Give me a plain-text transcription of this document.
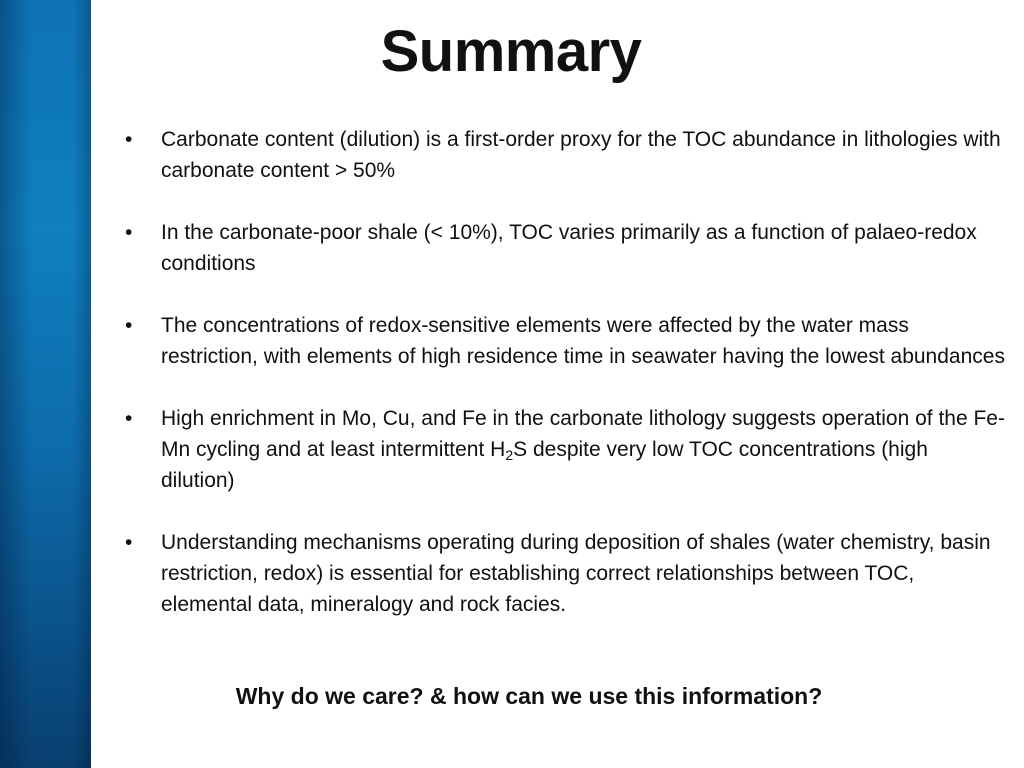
Summary
•	Carbonate content (dilution) is a first-order proxy for the TOC abundance in lithologies with carbonate content > 50%
•	In the carbonate-poor shale (< 10%), TOC varies primarily as a function of palaeo-redox conditions
•	The concentrations of redox-sensitive elements were affected by the water mass restriction, with elements of high residence time in seawater having the lowest abundances
•	High enrichment in Mo, Cu, and Fe in the carbonate lithology suggests operation of the Fe-Mn cycling and at least intermittent $H_2S$ despite very low TOC concentrations (high dilution)
•	Understanding mechanisms operating during deposition of shales (water chemistry, basin restriction, redox) is essential for establishing correct relationships between TOC, elemental data, mineralogy and rock facies.
Why do we care? & how can we use this information?
